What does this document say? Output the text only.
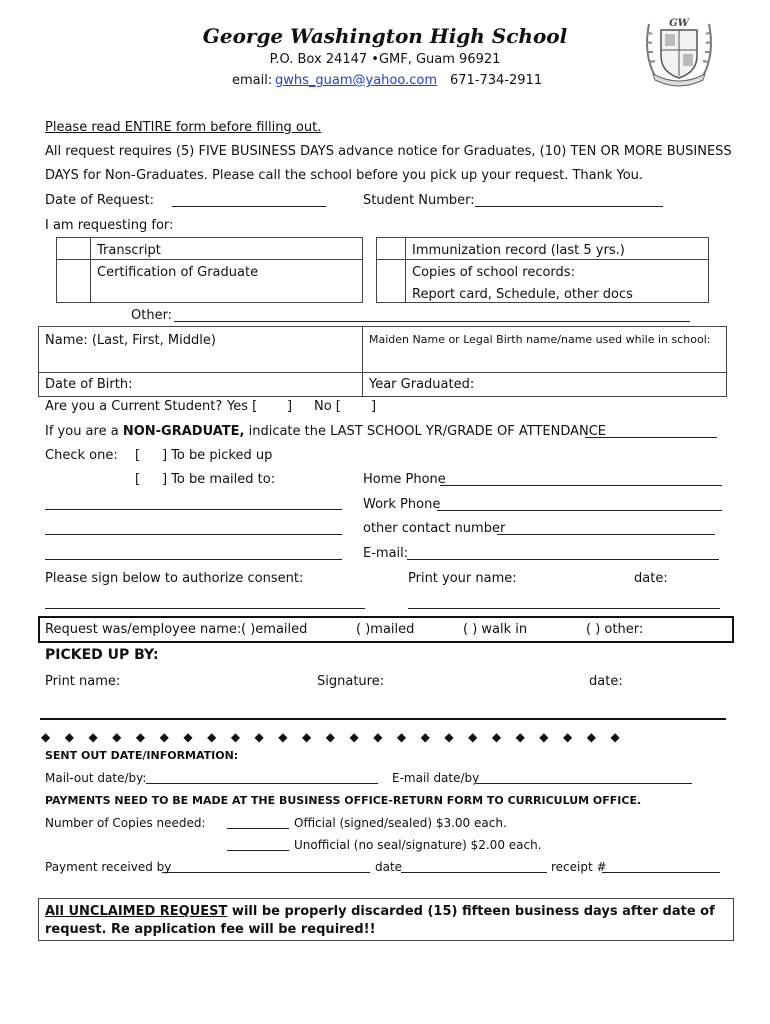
George Washington High School
P.O. Box 24147 •GMF, Guam 96921
email: gwhs_guam@yahoo.com 671-734-2911
GW
Please read ENTIRE form before filling out.
All request requires (5) FIVE BUSINESS DAYS advance notice for Graduates, (10) TEN OR MORE BUSINESS
DAYS for Non-Graduates. Please call the school before you pick up your request. Thank You.
Date of Request:	Student Number:
I am requesting for:
Transcript
Certification of Graduate
Immunization record (last 5 yrs.)
Copies of school records:
Report card, Schedule, other docs
Other:
Name: (Last, First, Middle)	Maiden Name or Legal Birth name/name used while in school:
Date of Birth:	Year Graduated:
Are you a Current Student? Yes [ ] No [ ]
If you are a NON-GRADUATE, indicate the LAST SCHOOL YR/GRADE OF ATTENDANCE
Check one: [ ] To be picked up
[ ] To be mailed to:	Home Phone
Work Phone
other contact number
E-mail:
Please sign below to authorize consent:	Print your name:	date:
Request was/employee name: ( )emailed	( )mailed	( ) walk in	( ) other:
PICKED UP BY:
Print name:	Signature:	date:
◆◆◆◆◆◆◆◆◆◆◆◆◆◆◆◆◆◆◆◆◆◆◆◆◆
SENT OUT DATE/INFORMATION:
Mail-out date/by:	E-mail date/by
PAYMENTS NEED TO BE MADE AT THE BUSINESS OFFICE-RETURN FORM TO CURRICULUM OFFICE.
Number of Copies needed:	Official (signed/sealed) $3.00 each.
Unofficial (no seal/signature) $2.00 each.
Payment received by	date	receipt #
All UNCLAIMED REQUEST will be properly discarded (15) fifteen business days after date of
request. Re application fee will be required!!
